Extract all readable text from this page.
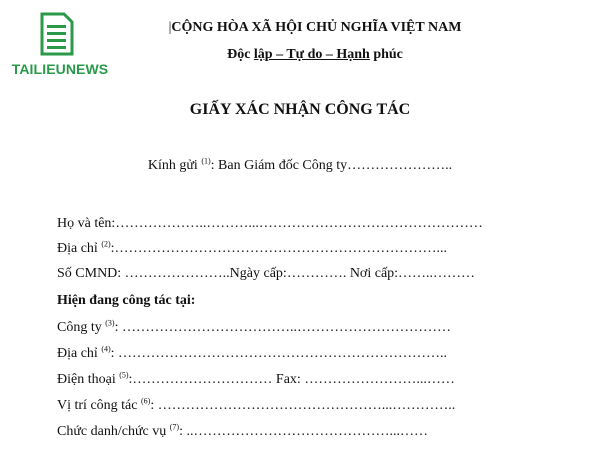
TAILIEUNEWS
|CỘNG HÒA XÃ HỘI CHỦ NGHĨA VIỆT NAM
Độc lập – Tự do – Hạnh phúc
GIẤY XÁC NHẬN CÔNG TÁC
Kính gửi $^{(1)}$: Ban Giám đốc Công ty…………………..
Họ và tên:………………..………...…………………………………………
Địa chỉ $^{(2)}$:……………………………………………………………...
Số CMND: …………………..Ngày cấp:…………. Nơi cấp:……..………
Hiện đang công tác tại:
Công ty $^{(3)}$: ………………………………..……………………………
Địa chỉ $^{(4)}$: ……………………………………………………………..
Điện thoại $^{(5)}$:………………………… Fax: ……………………...……
Vị trí công tác $^{(6)}$: …………………………………………...…………..
Chức danh/chức vụ $^{(7)}$: ..……………………………………...……
